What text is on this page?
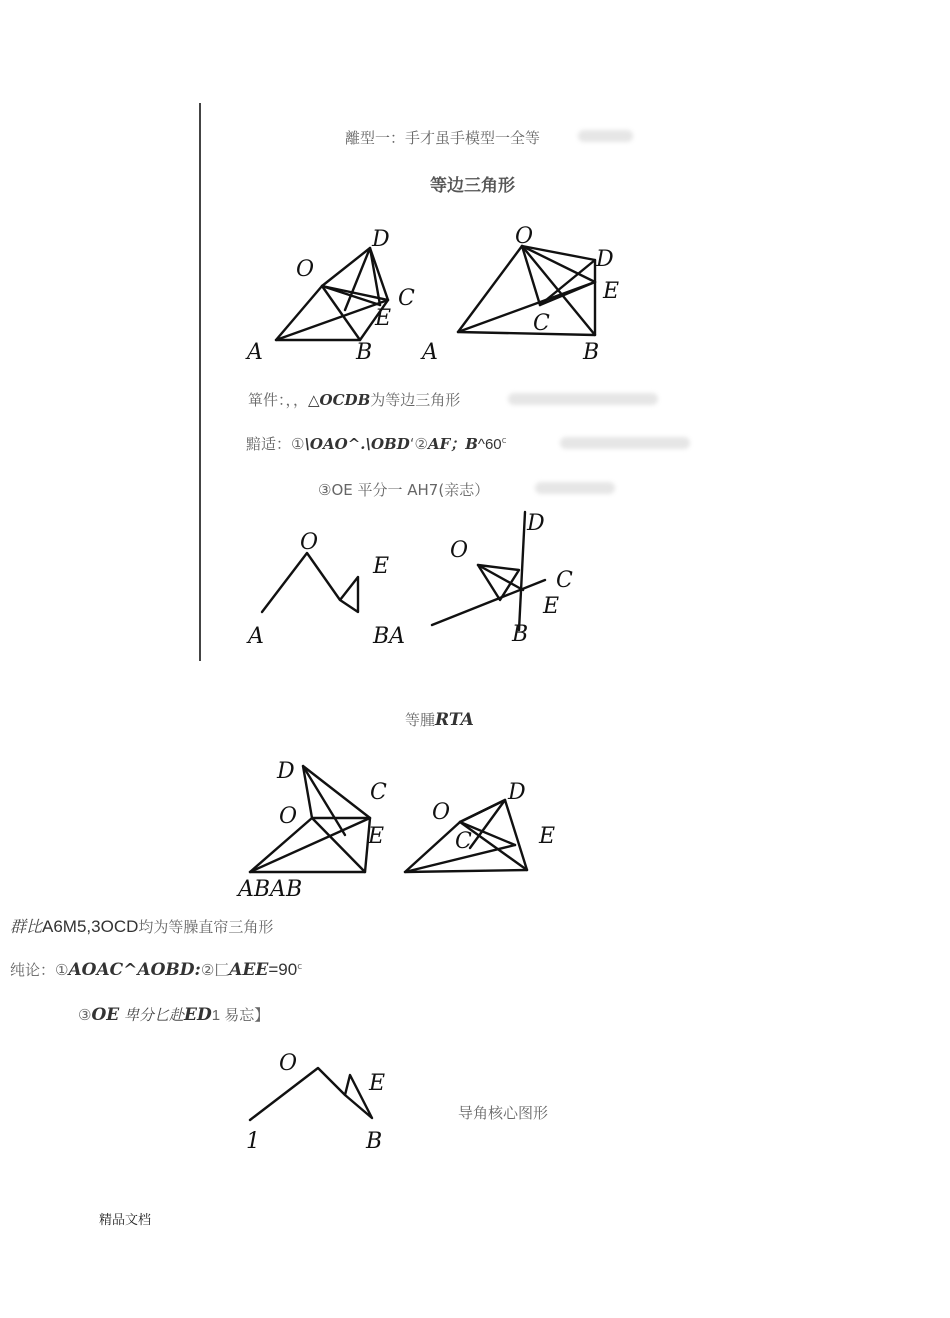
離型一：手才虽手模型一全等
等边三角形
O
D
C
E
A	B
O
D
E
C
A	B
箪件：，，△OCDB为等边三角形
黯适：①\OAO^.\OBD‘②AF；B^60$^c$
③OE 平分一 AH7(亲志）
O
E
A	BA
D
O
C
E
B
等腫RTA
D
C
O
E
ABAB
O
D
C	E
群比A6M5,3OCD均为等臊直帘三角形
纯论：①AOAC^AOBD:②匚$AEE=90^c$
③OE 卑分匕赴ED1 易忘】
O
E
1	B
导角核心图形
精品文档
